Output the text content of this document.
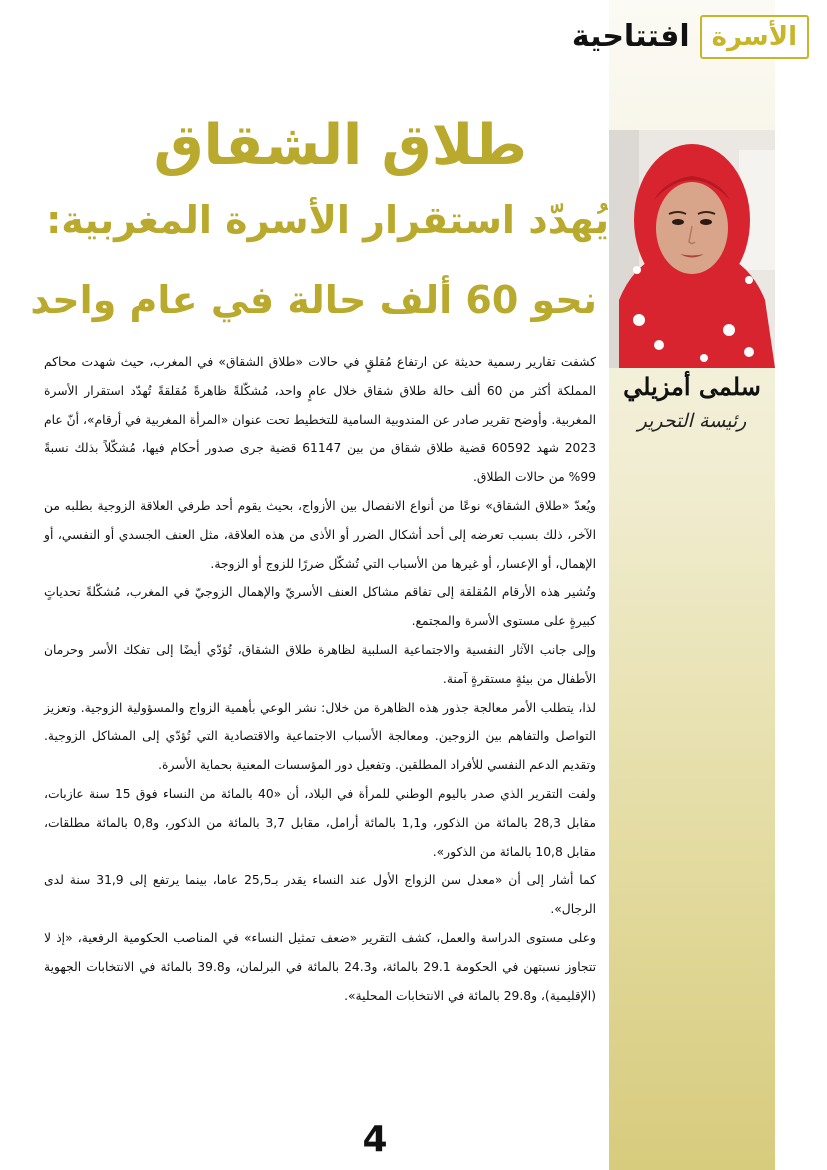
الأسرة
افتتاحية
طلاق الشقاق
يُهدّد استقرار الأسرة المغربية:
نحو 60 ألف حالة في عام واحد
سلمى أمزيلي
رئيسة التحرير

كشفت تقارير رسمية حديثة عن ارتفاع مُقلقٍ في حالات «طلاق الشقاق» في المغرب، حيث شهدت محاكم المملكة أكثر من 60 ألف حالة طلاق شقاق خلال عامٍ واحد، مُشكّلةً ظاهرةً مُقلقةً تُهدّد استقرار الأسرة المغربية. وأوضح تقرير صادر عن المندوبية السامية للتخطيط تحت عنوان «المرأة المغربية في أرقام»، أنّ عام 2023 شهد 60592 قضية طلاق شقاق من بين 61147 قضية جرى صدور أحكام فيها، مُشكّلاً بذلك نسبةً 99% من حالات الطلاق.

ويُعدّ «طلاق الشقاق» نوعًا من أنواع الانفصال بين الأزواج، بحيث يقوم أحد طرفي العلاقة الزوجية بطلبه من الآخر، ذلك بسبب تعرضه إلى أحد أشكال الضرر أو الأذى من هذه العلاقة، مثل العنف الجسدي أو النفسي، أو الإهمال، أو الإعسار، أو غيرها من الأسباب التي تُشكّل ضررًا للزوج أو الزوجة.

وتُشير هذه الأرقام المُقلقة إلى تفاقم مشاكل العنف الأسريّ والإهمال الزوجيّ في المغرب، مُشكّلةً تحدياتٍ كبيرةٍ على مستوى الأسرة والمجتمع.

وإلى جانب الآثار النفسية والاجتماعية السلبية لظاهرة طلاق الشقاق، تُؤدّي أيضًا إلى تفكك الأسر وحرمان الأطفال من بيئةٍ مستقرةٍ آمنة.

لذا، يتطلب الأمر معالجة جذور هذه الظاهرة من خلال: نشر الوعي بأهمية الزواج والمسؤولية الزوجية. وتعزيز التواصل والتفاهم بين الزوجين. ومعالجة الأسباب الاجتماعية والاقتصادية التي تُؤدّي إلى المشاكل الزوجية. وتقديم الدعم النفسي للأفراد المطلقين. وتفعيل دور المؤسسات المعنية بحماية الأسرة.

ولفت التقرير الذي صدر باليوم الوطني للمرأة في البلاد، أن «40 بالمائة من النساء فوق 15 سنة عازبات، مقابل 28,3 بالمائة من الذكور، و1,1 بالمائة أرامل، مقابل 3,7 بالمائة من الذكور، و0,8 بالمائة مطلقات، مقابل 10,8 بالمائة من الذكور».

كما أشار إلى أن «معدل سن الزواج الأول عند النساء يقدر بـ25,5 عاما، بينما يرتفع إلى 31,9 سنة لدى الرجال».

وعلى مستوى الدراسة والعمل، كشف التقرير «ضعف تمثيل النساء» في المناصب الحكومية الرفعية، «إذ لا تتجاوز نسبتهن في الحكومة 29.1 بالمائة، و24.3 بالمائة في البرلمان، و39.8 بالمائة في الانتخابات الجهوية (الإقليمية)، و29.8 بالمائة في الانتخابات المحلية».

4
